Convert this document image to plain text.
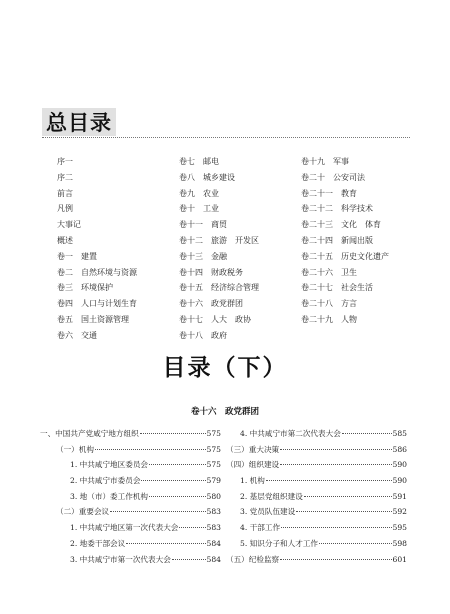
总目录
序一
序二
前言
凡例
大事记
概述
卷一　建置
卷二　自然环境与资源
卷三　环境保护
卷四　人口与计划生育
卷五　国土资源管理
卷六　交通
卷七　邮电
卷八　城乡建设
卷九　农业
卷十　工业
卷十一　商贸
卷十二　旅游　开发区
卷十三　金融
卷十四　财政税务
卷十五　经济综合管理
卷十六　政党群团
卷十七　人大　政协
卷十八　政府
卷十九　军事
卷二十　公安司法
卷二十一　教育
卷二十二　科学技术
卷二十三　文化　体育
卷二十四　新闻出版
卷二十五　历史文化遗产
卷二十六　卫生
卷二十七　社会生活
卷二十八　方言
卷二十九　人物
目录（下）
卷十六　政党群团
一、中国共产党咸宁地方组织	575
（一）机构	575
1. 中共咸宁地区委员会	575
2. 中共咸宁市委员会	579
3. 地（市）委工作机构	580
（二）重要会议	583
1. 中共咸宁地区第一次代表大会	583
2. 地委干部会议	584
3. 中共咸宁市第一次代表大会	584
4. 中共咸宁市第二次代表大会	585
（三）重大决策	586
（四）组织建设	590
1. 机构	590
2. 基层党组织建设	591
3. 党员队伍建设	592
4. 干部工作	595
5. 知识分子和人才工作	598
（五）纪检监察	601
